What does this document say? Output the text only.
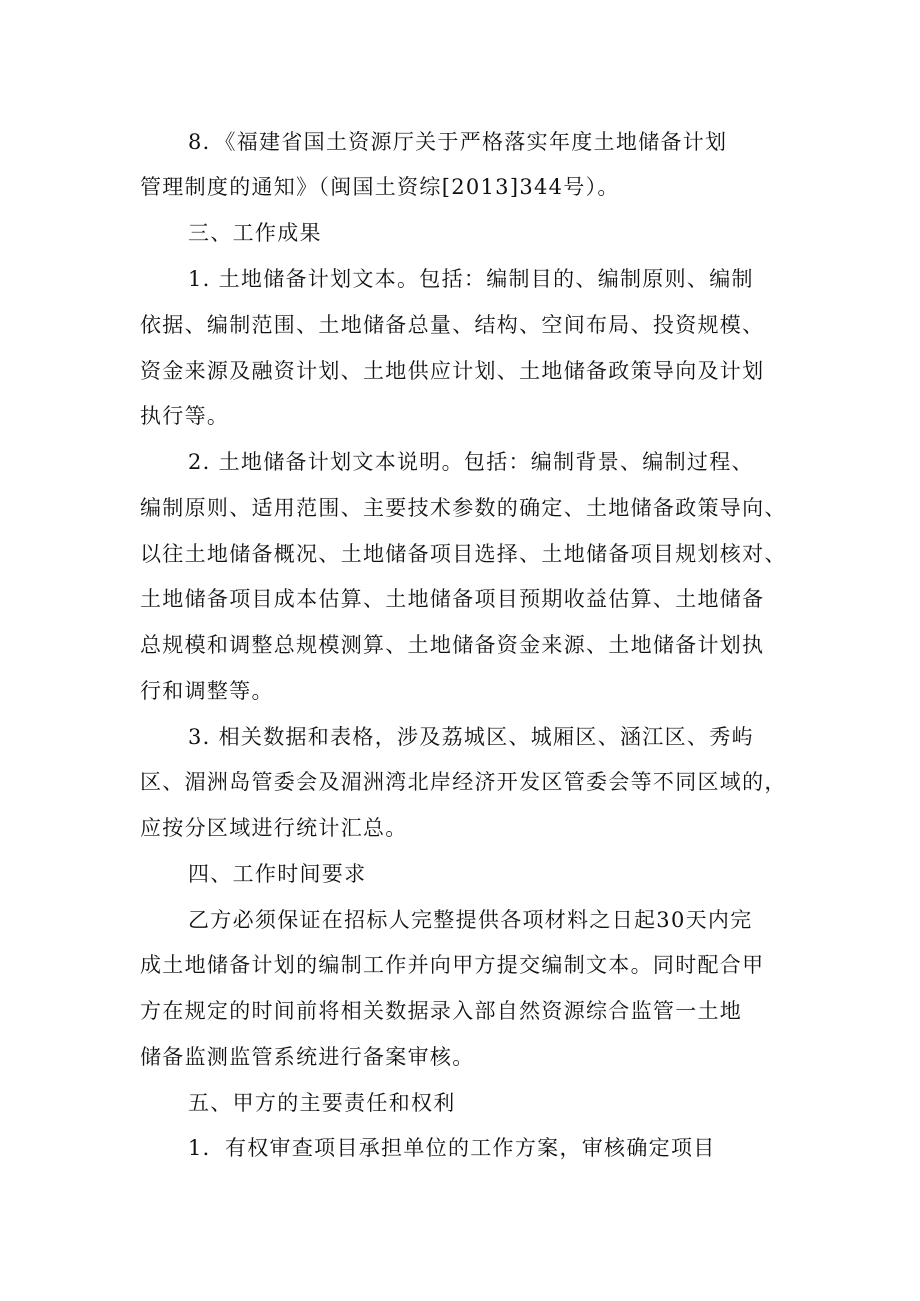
8．《福建省国土资源厅关于严格落实年度土地储备计划

管理制度的通知》（闽国土资综[2013]344号）。

三、工作成果

1. 土地储备计划文本。包括：编制目的、编制原则、编制

依据、编制范围、土地储备总量、结构、空间布局、投资规模、

资金来源及融资计划、土地供应计划、土地储备政策导向及计划

执行等。

2. 土地储备计划文本说明。包括：编制背景、编制过程、

编制原则、适用范围、主要技术参数的确定、土地储备政策导向、

以往土地储备概况、土地储备项目选择、土地储备项目规划核对、

土地储备项目成本估算、土地储备项目预期收益估算、土地储备

总规模和调整总规模测算、土地储备资金来源、土地储备计划执

行和调整等。

3. 相关数据和表格，涉及荔城区、城厢区、涵江区、秀屿

区、湄洲岛管委会及湄洲湾北岸经济开发区管委会等不同区域的，

应按分区域进行统计汇总。

四、工作时间要求

乙方必须保证在招标人完整提供各项材料之日起30天内完

成土地储备计划的编制工作并向甲方提交编制文本。同时配合甲

方在规定的时间前将相关数据录入部自然资源综合监管一土地

储备监测监管系统进行备案审核。

五、甲方的主要责任和权利

1．有权审查项目承担单位的工作方案，审核确定项目
